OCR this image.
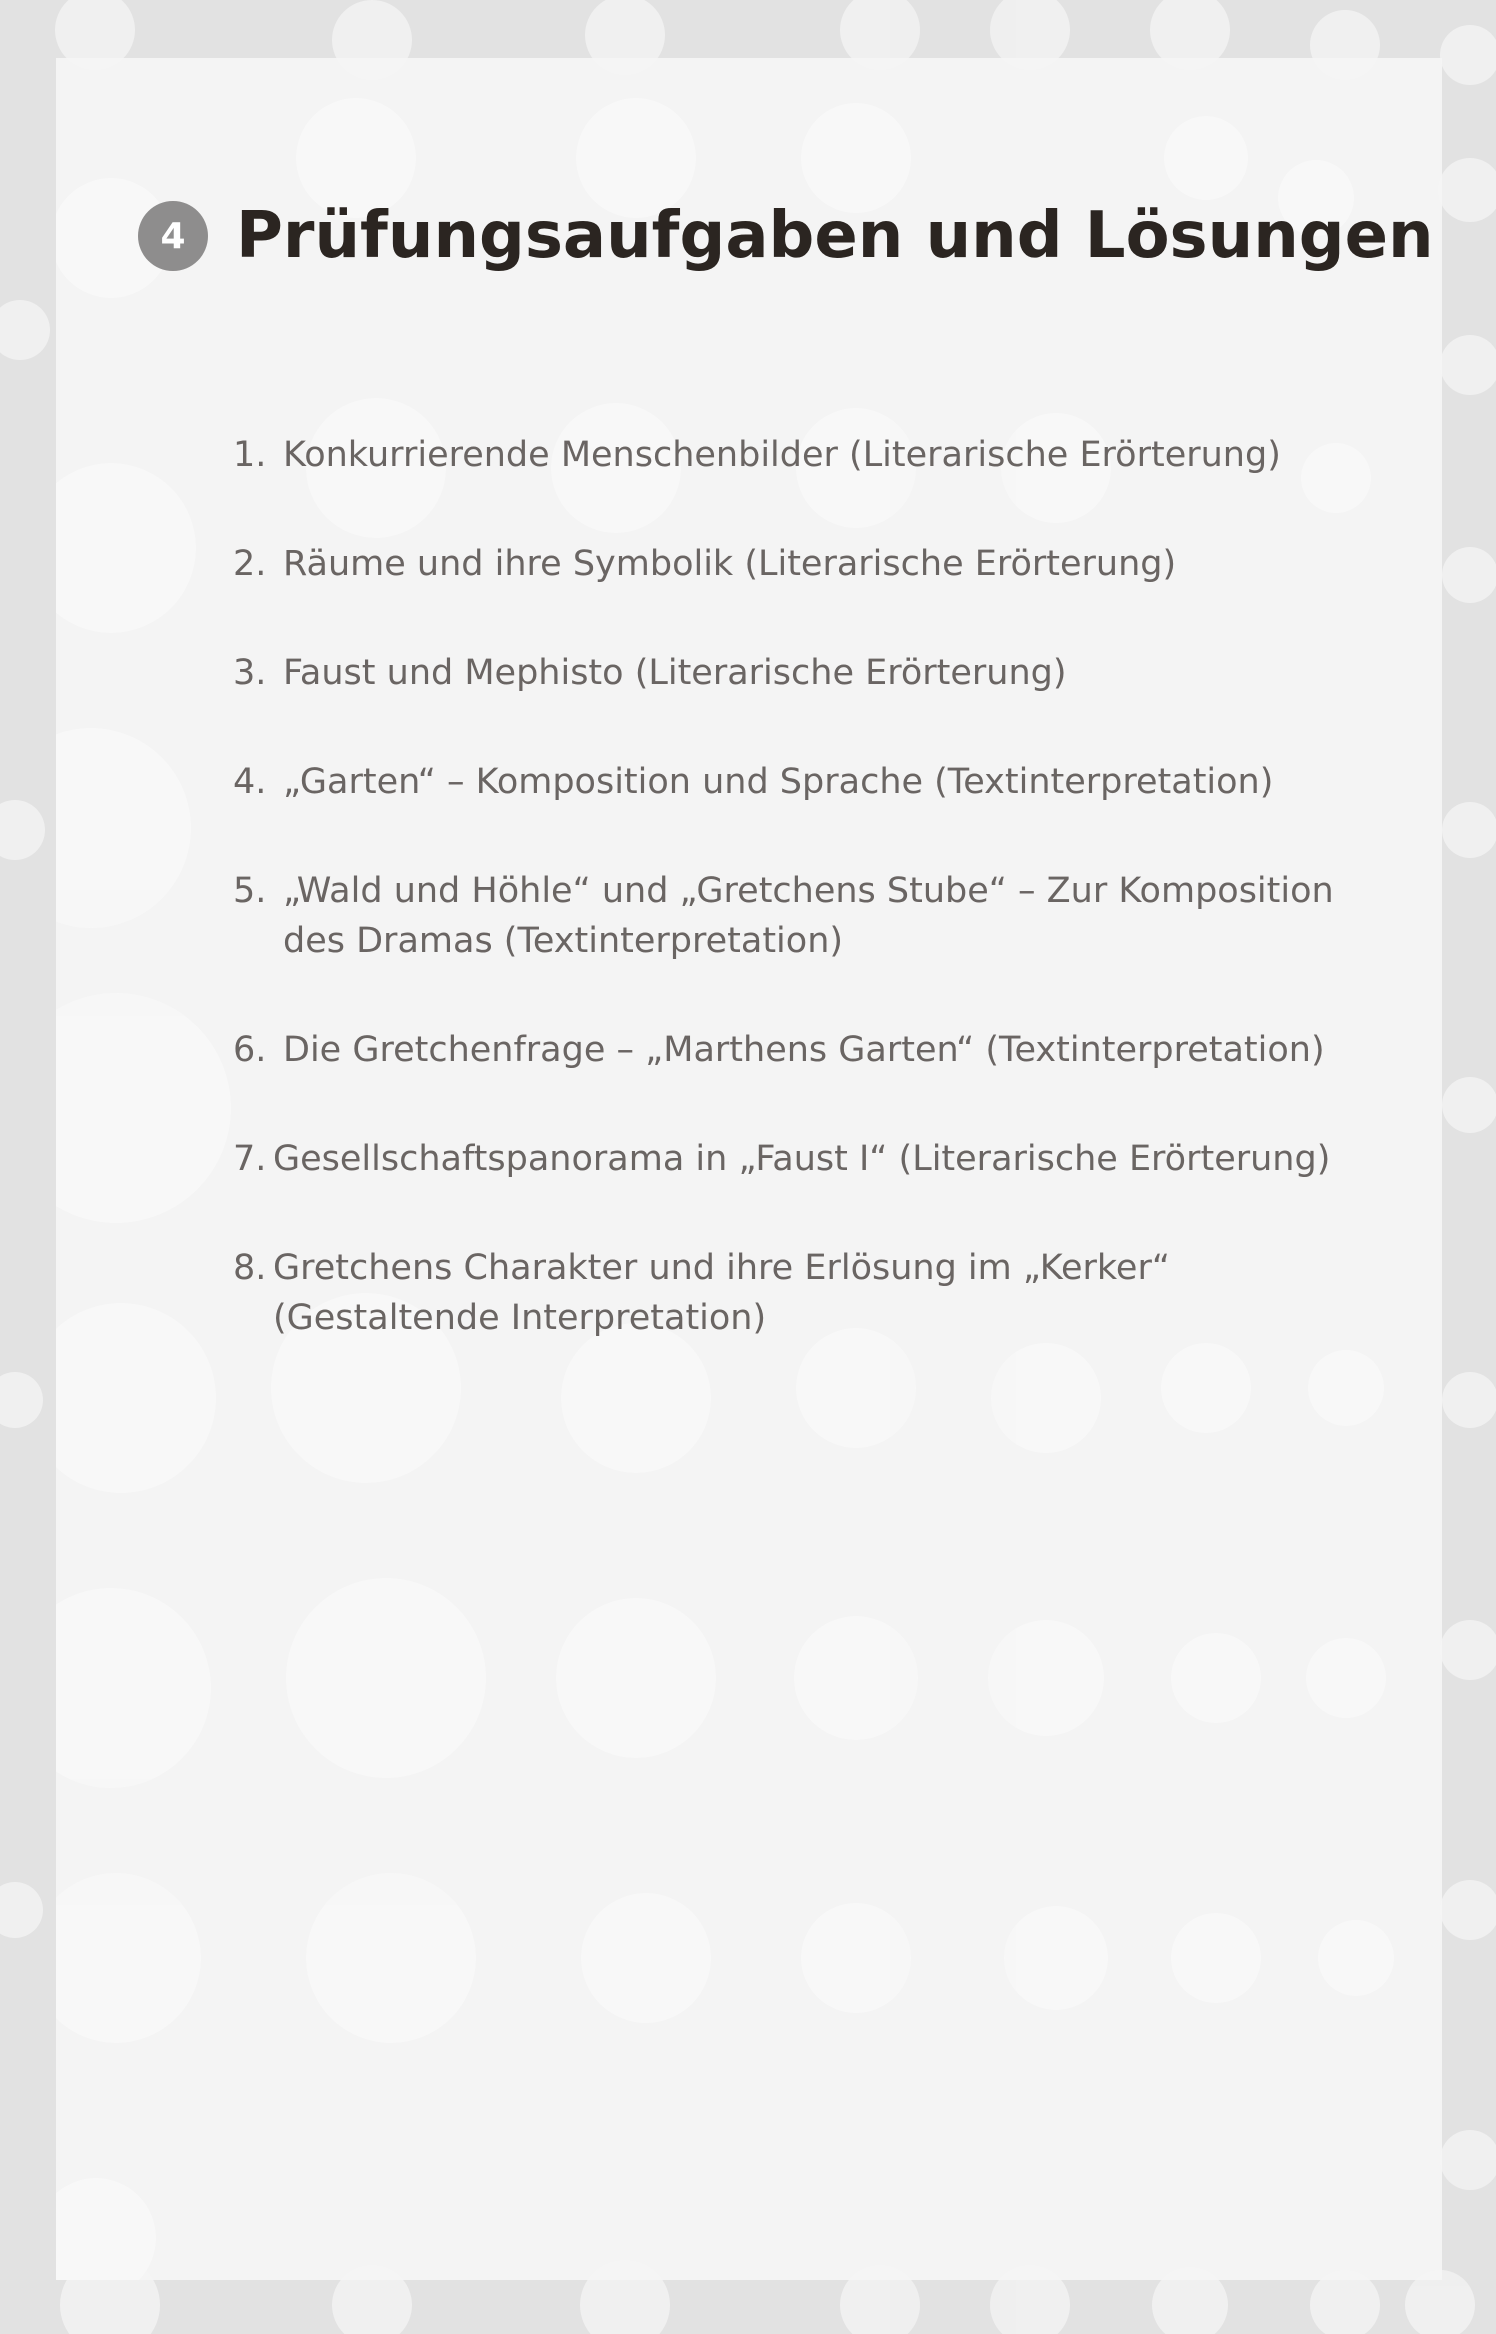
4 Prüfungsaufgaben und Lösungen
1. Konkurrierende Menschenbilder (Literarische Erörterung)
2. Räume und ihre Symbolik (Literarische Erörterung)
3. Faust und Mephisto (Literarische Erörterung)
4. „Garten“ – Komposition und Sprache (Textinterpretation)
5. „Wald und Höhle“ und „Gretchens Stube“ – Zur Komposition
des Dramas (Textinterpretation)
6. Die Gretchenfrage – „Marthens Garten“ (Textinterpretation)
7. Gesellschaftspanorama in „Faust I“ (Literarische Erörterung)
8. Gretchens Charakter und ihre Erlösung im „Kerker“
(Gestaltende Interpretation)
